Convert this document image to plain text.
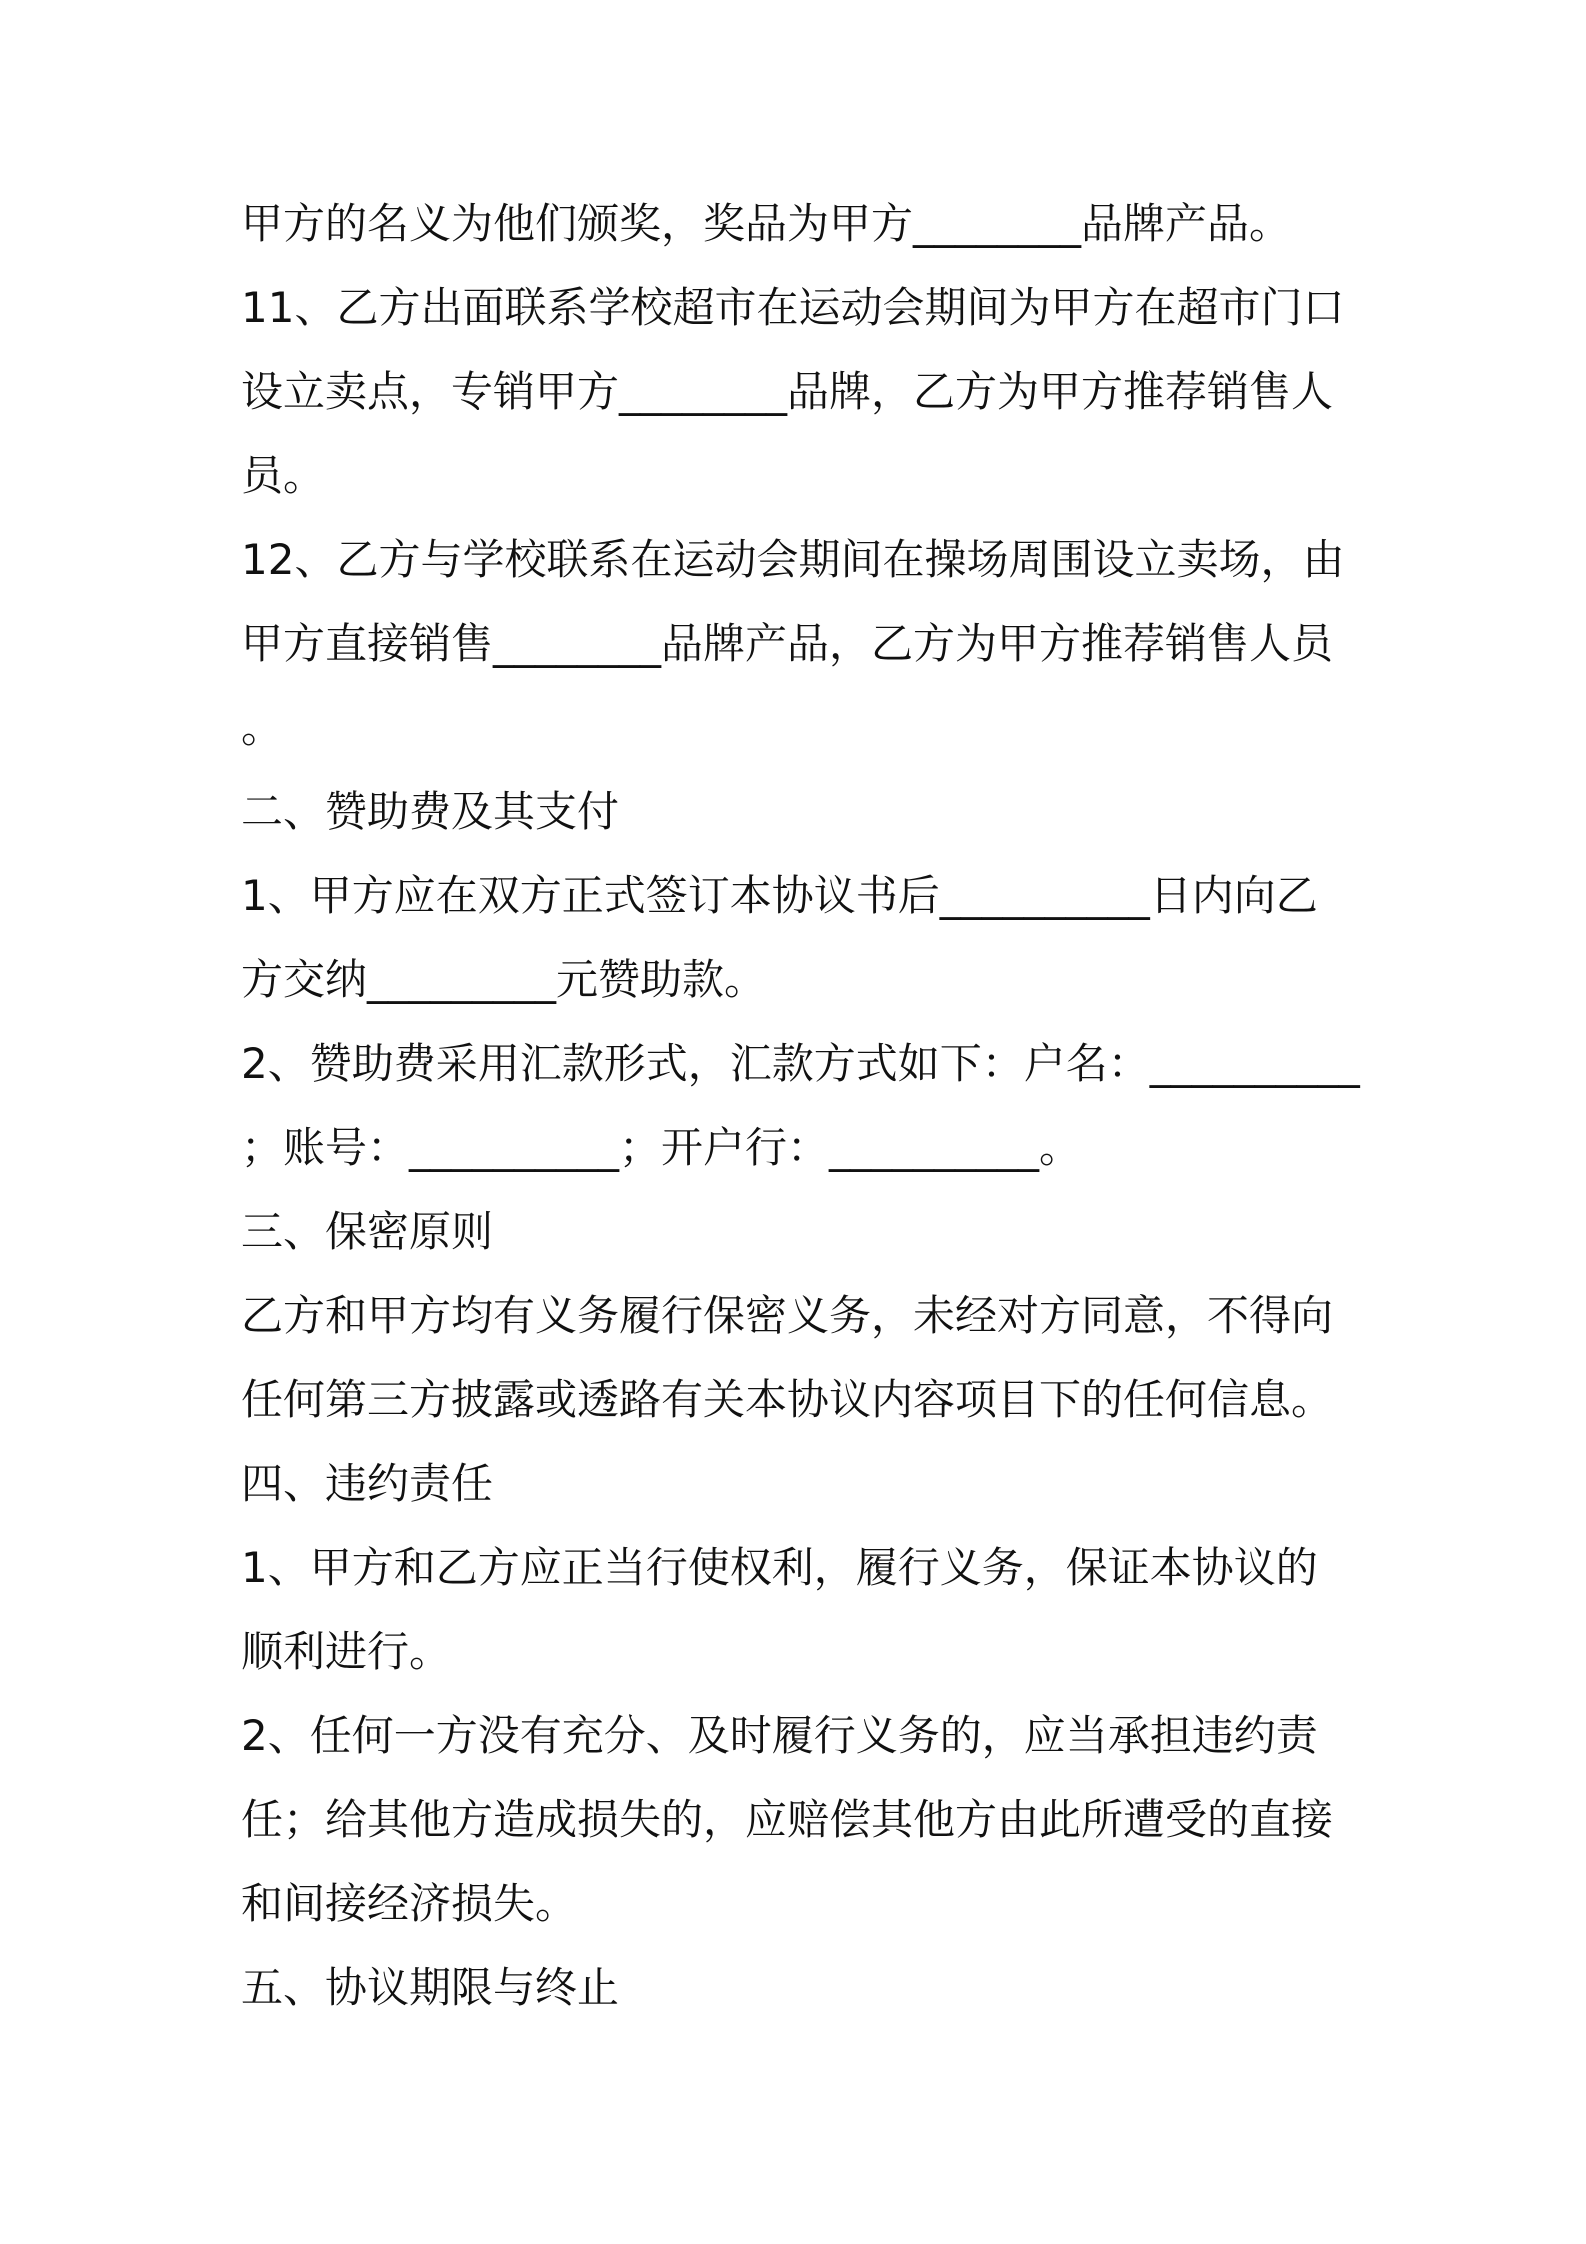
甲方的名义为他们颁奖，奖品为甲方________品牌产品。

11、乙方出面联系学校超市在运动会期间为甲方在超市门口

设立卖点，专销甲方________品牌，乙方为甲方推荐销售人

员。

12、乙方与学校联系在运动会期间在操场周围设立卖场，由

甲方直接销售________品牌产品，乙方为甲方推荐销售人员

。

二、赞助费及其支付

1、甲方应在双方正式签订本协议书后__________日内向乙

方交纳_________元赞助款。

2、赞助费采用汇款形式，汇款方式如下：户名：__________

；账号：__________；开户行：__________。

三、保密原则

乙方和甲方均有义务履行保密义务，未经对方同意，不得向

任何第三方披露或透路有关本协议内容项目下的任何信息。

四、违约责任

1、甲方和乙方应正当行使权利，履行义务，保证本协议的

顺利进行。

2、任何一方没有充分、及时履行义务的，应当承担违约责

任；给其他方造成损失的，应赔偿其他方由此所遭受的直接

和间接经济损失。

五、协议期限与终止
